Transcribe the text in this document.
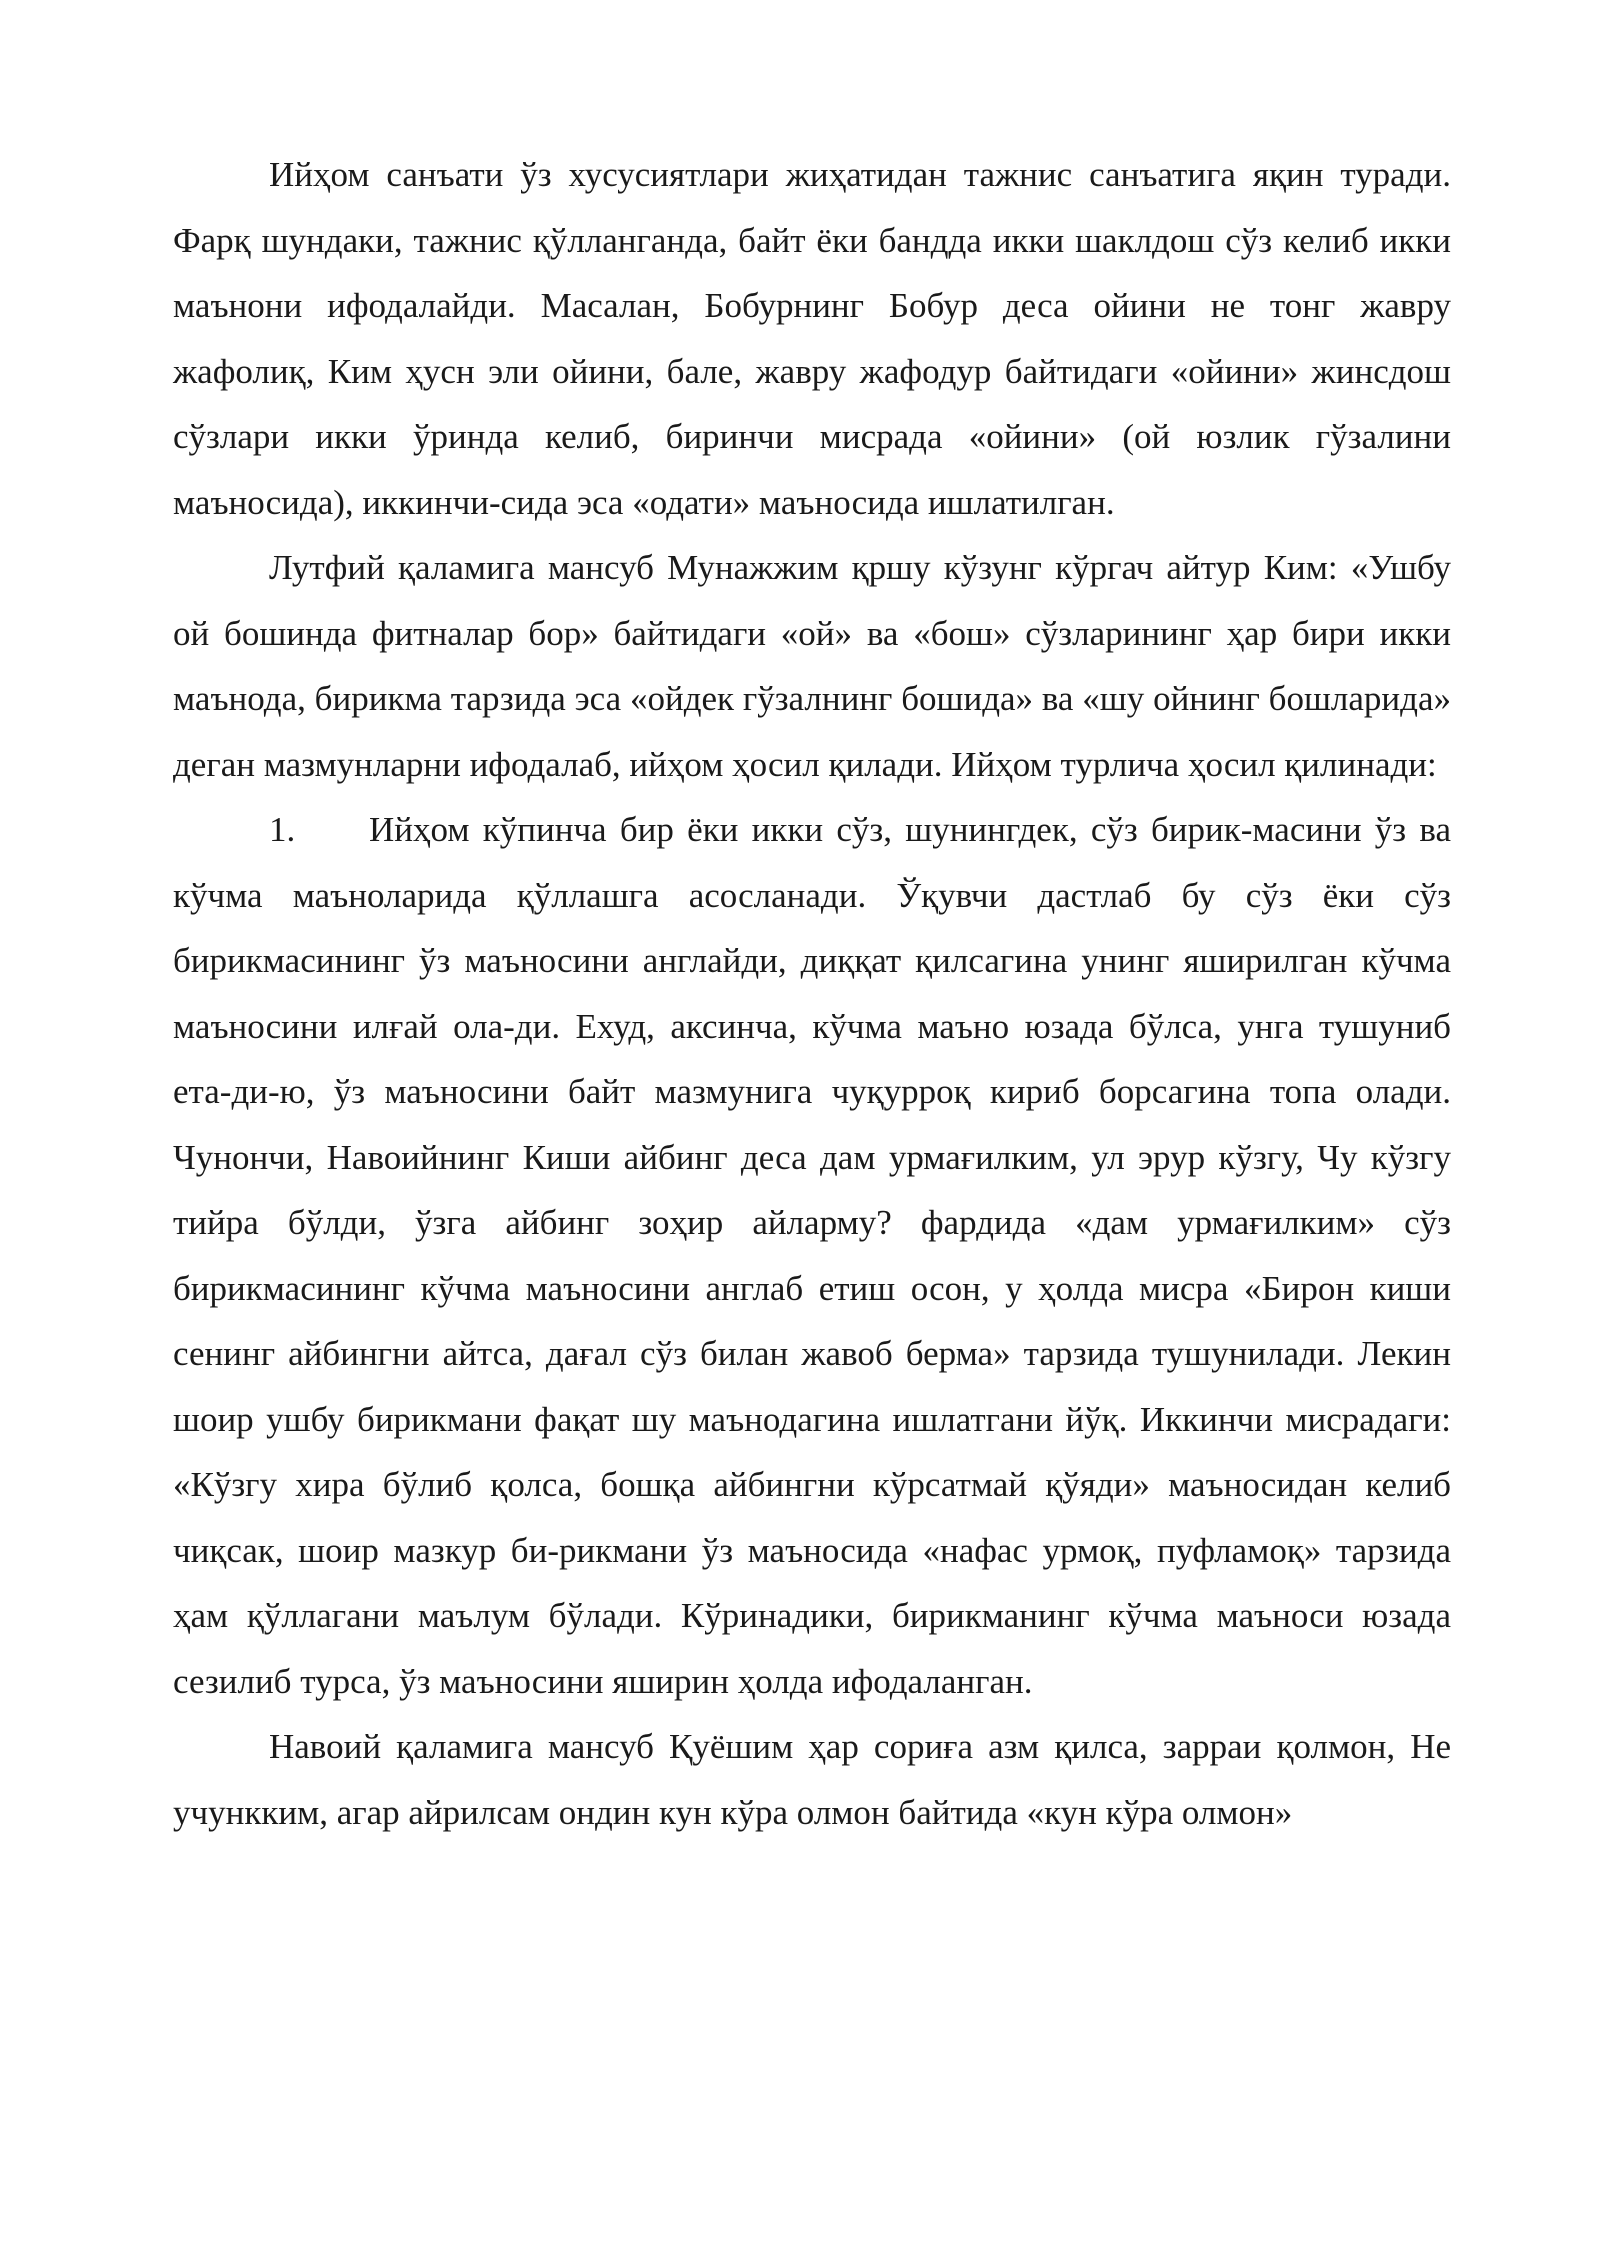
Ийҳом санъати ўз хусусиятлари жиҳатидан тажнис санъатига яқин туради. Фарқ шундаки, тажнис қўлланганда, байт ёки бандда икки шаклдош сўз келиб икки маънони ифодалайди. Масалан, Бобурнинг Бобур деса ойини не тонг жавру жафолиқ, Ким ҳусн эли ойини, бале, жавру жафодур байтидаги «ойини» жинсдош сўзлари икки ўринда келиб, биринчи мисрада «ойини» (ой юзлик гўзалини маъносида), иккинчи-сида эса «одати» маъносида ишлатилган.

Лутфий қаламига мансуб Мунажжим қршу кўзунг кўргач айтур Ким: «Ушбу ой бошинда фитналар бор» байтидаги «ой» ва «бош» сўзларининг ҳар бири икки маънода, бирикма тарзида эса «ойдек гўзалнинг бошида» ва «шу ойнинг бошларида» деган мазмунларни ифодалаб, ийҳом ҳосил қилади. Ийҳом турлича ҳосил қилинади:

1. Ийҳом кўпинча бир ёки икки сўз, шунингдек, сўз бирик-масини ўз ва кўчма маъноларида қўллашга асосланади. Ўқувчи дастлаб бу сўз ёки сўз бирикмасининг ўз маъносини англайди, диққат қилсагина унинг яширилган кўчма маъносини илғай ола-ди. Ехуд, аксинча, кўчма маъно юзада бўлса, унга тушуниб ета-ди-ю, ўз маъносини байт мазмунига чуқурроқ кириб борсагина топа олади. Чунончи, Навоийнинг Киши айбинг деса дам урмағилким, ул эрур кўзгу, Чу кўзгу тийра бўлди, ўзга айбинг зоҳир айларму? фардида «дам урмағилким» сўз бирикмасининг кўчма маъносини англаб етиш осон, у ҳолда мисра «Бирон киши сенинг айбингни айтса, дағал сўз билан жавоб берма» тарзида тушунилади. Лекин шоир ушбу бирикмани фақат шу маънодагина ишлатгани йўқ. Иккинчи мисрадаги: «Кўзгу хира бўлиб қолса, бошқа айбингни кўрсатмай қўяди» маъносидан келиб чиқсак, шоир мазкур би-рикмани ўз маъносида «нафас урмоқ, пуфламоқ» тарзида ҳам қўллагани маълум бўлади. Кўринадики, бирикманинг кўчма маъноси юзада сезилиб турса, ўз маъносини яширин ҳолда ифодаланган.

Навоий қаламига мансуб Қуёшим ҳар сориға азм қилса, зарраи қолмон, Не учункким, агар айрилсам ондин кун кўра олмон байтида «кун кўра олмон»
